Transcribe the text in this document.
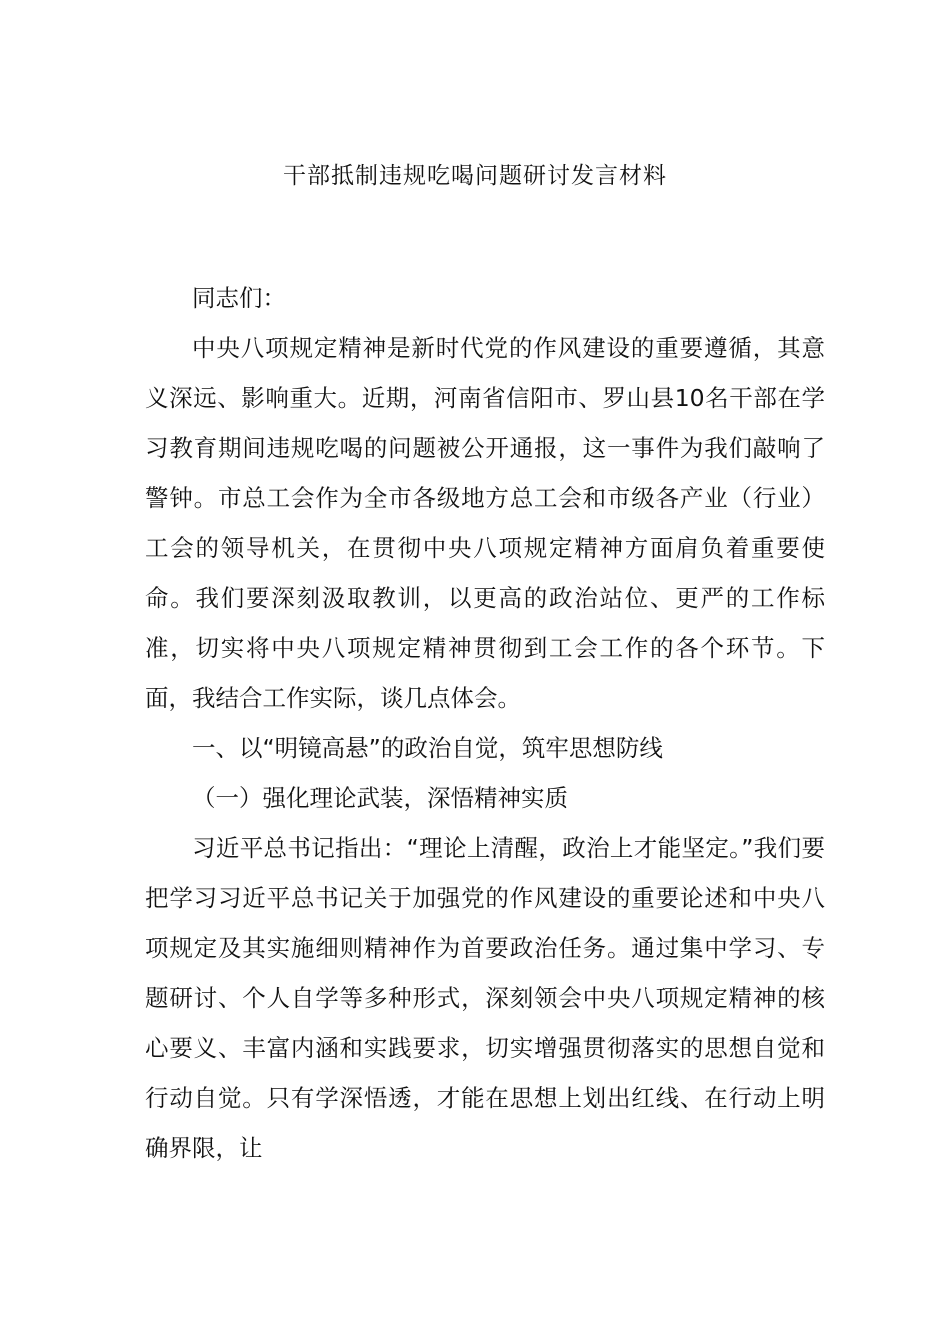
干部抵制违规吃喝问题研讨发言材料

同志们：

中央八项规定精神是新时代党的作风建设的重要遵循，其意义深远、影响重大。近期，河南省信阳市、罗山县10名干部在学习教育期间违规吃喝的问题被公开通报，这一事件为我们敲响了警钟。市总工会作为全市各级地方总工会和市级各产业（行业）工会的领导机关，在贯彻中央八项规定精神方面肩负着重要使命。我们要深刻汲取教训，以更高的政治站位、更严的工作标准，切实将中央八项规定精神贯彻到工会工作的各个环节。下面，我结合工作实际，谈几点体会。

一、以“明镜高悬”的政治自觉，筑牢思想防线

（一）强化理论武装，深悟精神实质

习近平总书记指出：“理论上清醒，政治上才能坚定。”我们要把学习习近平总书记关于加强党的作风建设的重要论述和中央八项规定及其实施细则精神作为首要政治任务。通过集中学习、专题研讨、个人自学等多种形式，深刻领会中央八项规定精神的核心要义、丰富内涵和实践要求，切实增强贯彻落实的思想自觉和行动自觉。只有学深悟透，才能在思想上划出红线、在行动上明确界限，让
